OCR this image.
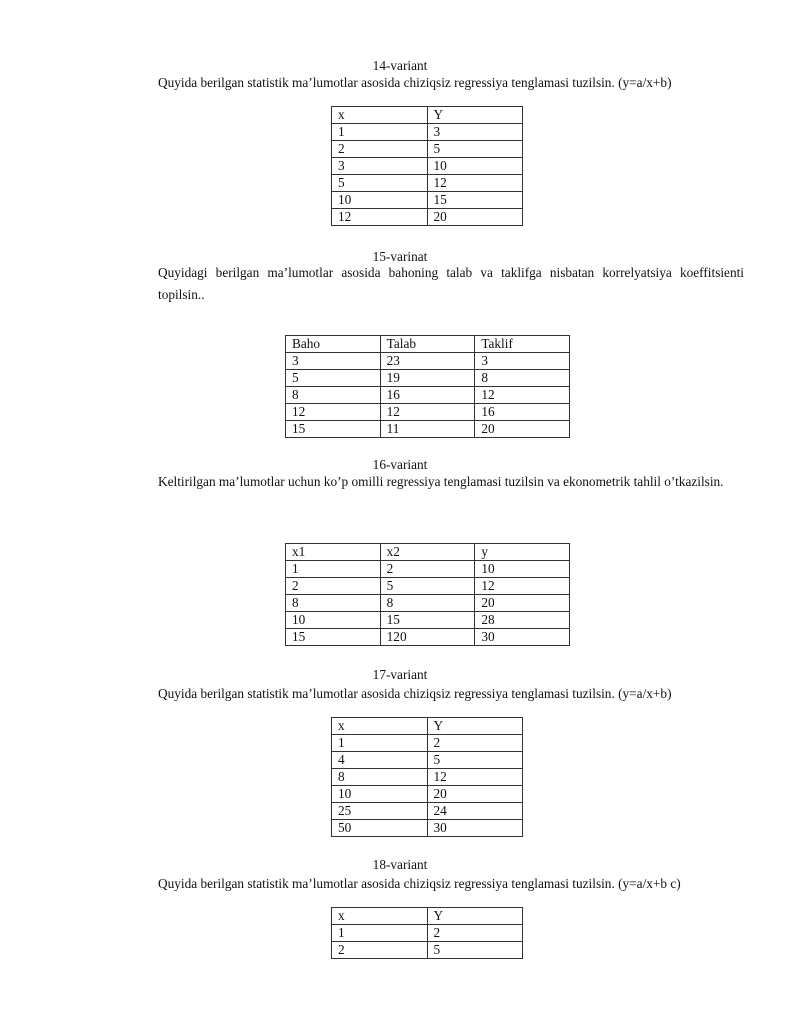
14-variant
Quyida berilgan statistik ma’lumotlar asosida chiziqsiz regressiya tenglamasi tuzilsin. (y=a/x+b)
x	Y
1	3
2	5
3	10
5	12
10	15
12	20
15-varinat
Quyidagi berilgan ma’lumotlar asosida bahoning talab va taklifga nisbatan korrelyatsiya koeffitsienti topilsin..
Baho	Talab	Taklif
3	23	3
5	19	8
8	16	12
12	12	16
15	11	20
16-variant
Keltirilgan ma’lumotlar uchun ko’p omilli regressiya tenglamasi tuzilsin va ekonometrik tahlil o’tkazilsin.
x1	x2	y
1	2	10
2	5	12
8	8	20
10	15	28
15	120	30
17-variant
Quyida berilgan statistik ma’lumotlar asosida chiziqsiz regressiya tenglamasi tuzilsin. (y=a/x+b)
x	Y
1	2
4	5
8	12
10	20
25	24
50	30
18-variant
Quyida berilgan statistik ma’lumotlar asosida chiziqsiz regressiya tenglamasi tuzilsin. (y=a/x+b c)
x	Y
1	2
2	5
